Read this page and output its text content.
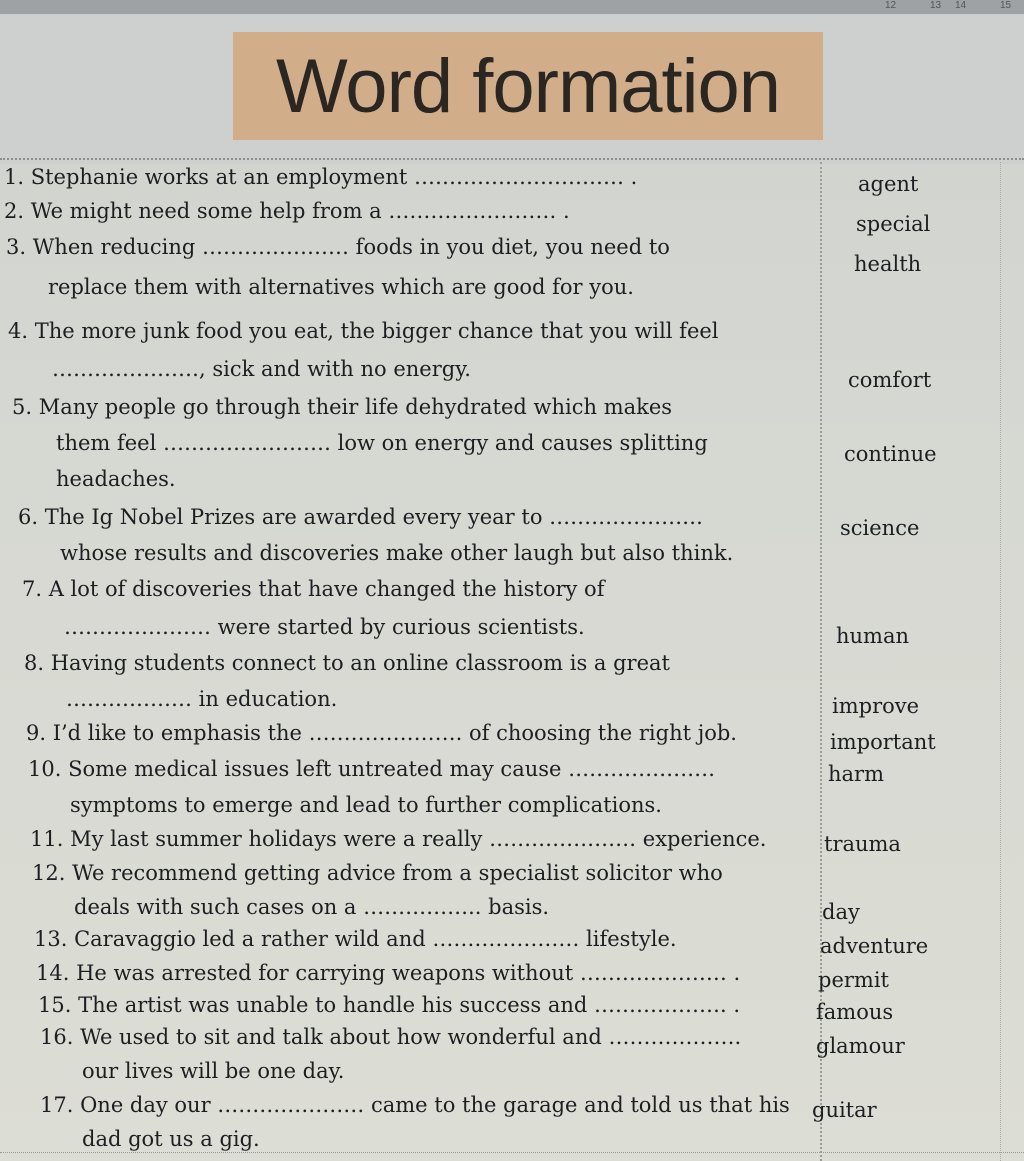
12	13 14	15
Word formation
1. Stephanie works at an employment ………………………… .
2. We might need some help from a …………………… .
3. When reducing ………………… foods in you diet, you need to
replace them with alternatives which are good for you.
4. The more junk food you eat, the bigger chance that you will feel
…………………, sick and with no energy.
5. Many people go through their life dehydrated which makes
them feel …………………… low on energy and causes splitting
headaches.
6. The Ig Nobel Prizes are awarded every year to ………………….
whose results and discoveries make other laugh but also think.
7. A lot of discoveries that have changed the history of
………………… were started by curious scientists.
8. Having students connect to an online classroom is a great
……………… in education.
9. I’d like to emphasis the …………………. of choosing the right job.
10. Some medical issues left untreated may cause …………………
symptoms to emerge and lead to further complications.
11. My last summer holidays were a really ………………… experience.
12. We recommend getting advice from a specialist solicitor who
deals with such cases on a …………….. basis.
13. Caravaggio led a rather wild and ………………… lifestyle.
14. He was arrested for carrying weapons without ………………… .
15. The artist was unable to handle his success and ………………. .
16. We used to sit and talk about how wonderful and ……………….
our lives will be one day.
17. One day our ………………… came to the garage and told us that his
dad got us a gig.
agent
special
health
comfort
continue
science
human
improve
important
harm
trauma
day
adventure
permit
famous
glamour
guitar
